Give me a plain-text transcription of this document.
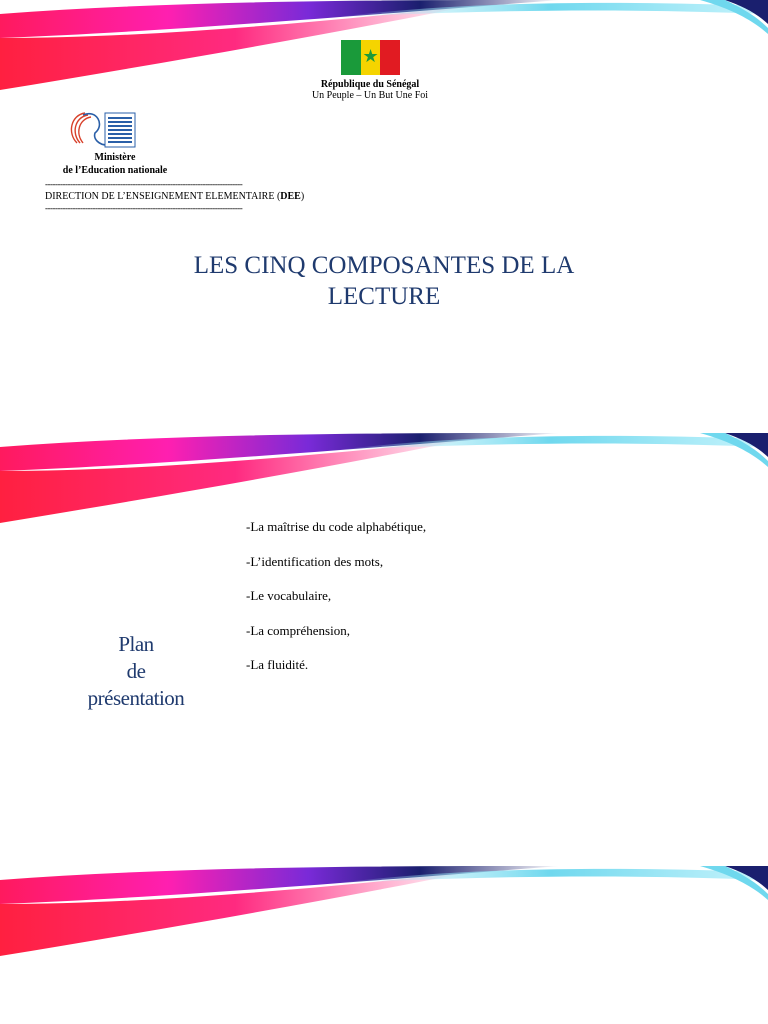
★
République du Sénégal
Un Peuple – Un But Une Foi
Ministère
de l’Education nationale
-------------------------------------------------------------------------------
DIRECTION DE L’ENSEIGNEMENT ELEMENTAIRE (DEE)
-------------------------------------------------------------------------------
LES CINQ COMPOSANTES DE LA
LECTURE
Plan
de
présentation
-La maîtrise du code alphabétique,
-L’identification des mots,
-Le vocabulaire,
-La compréhension,
-La fluidité.
